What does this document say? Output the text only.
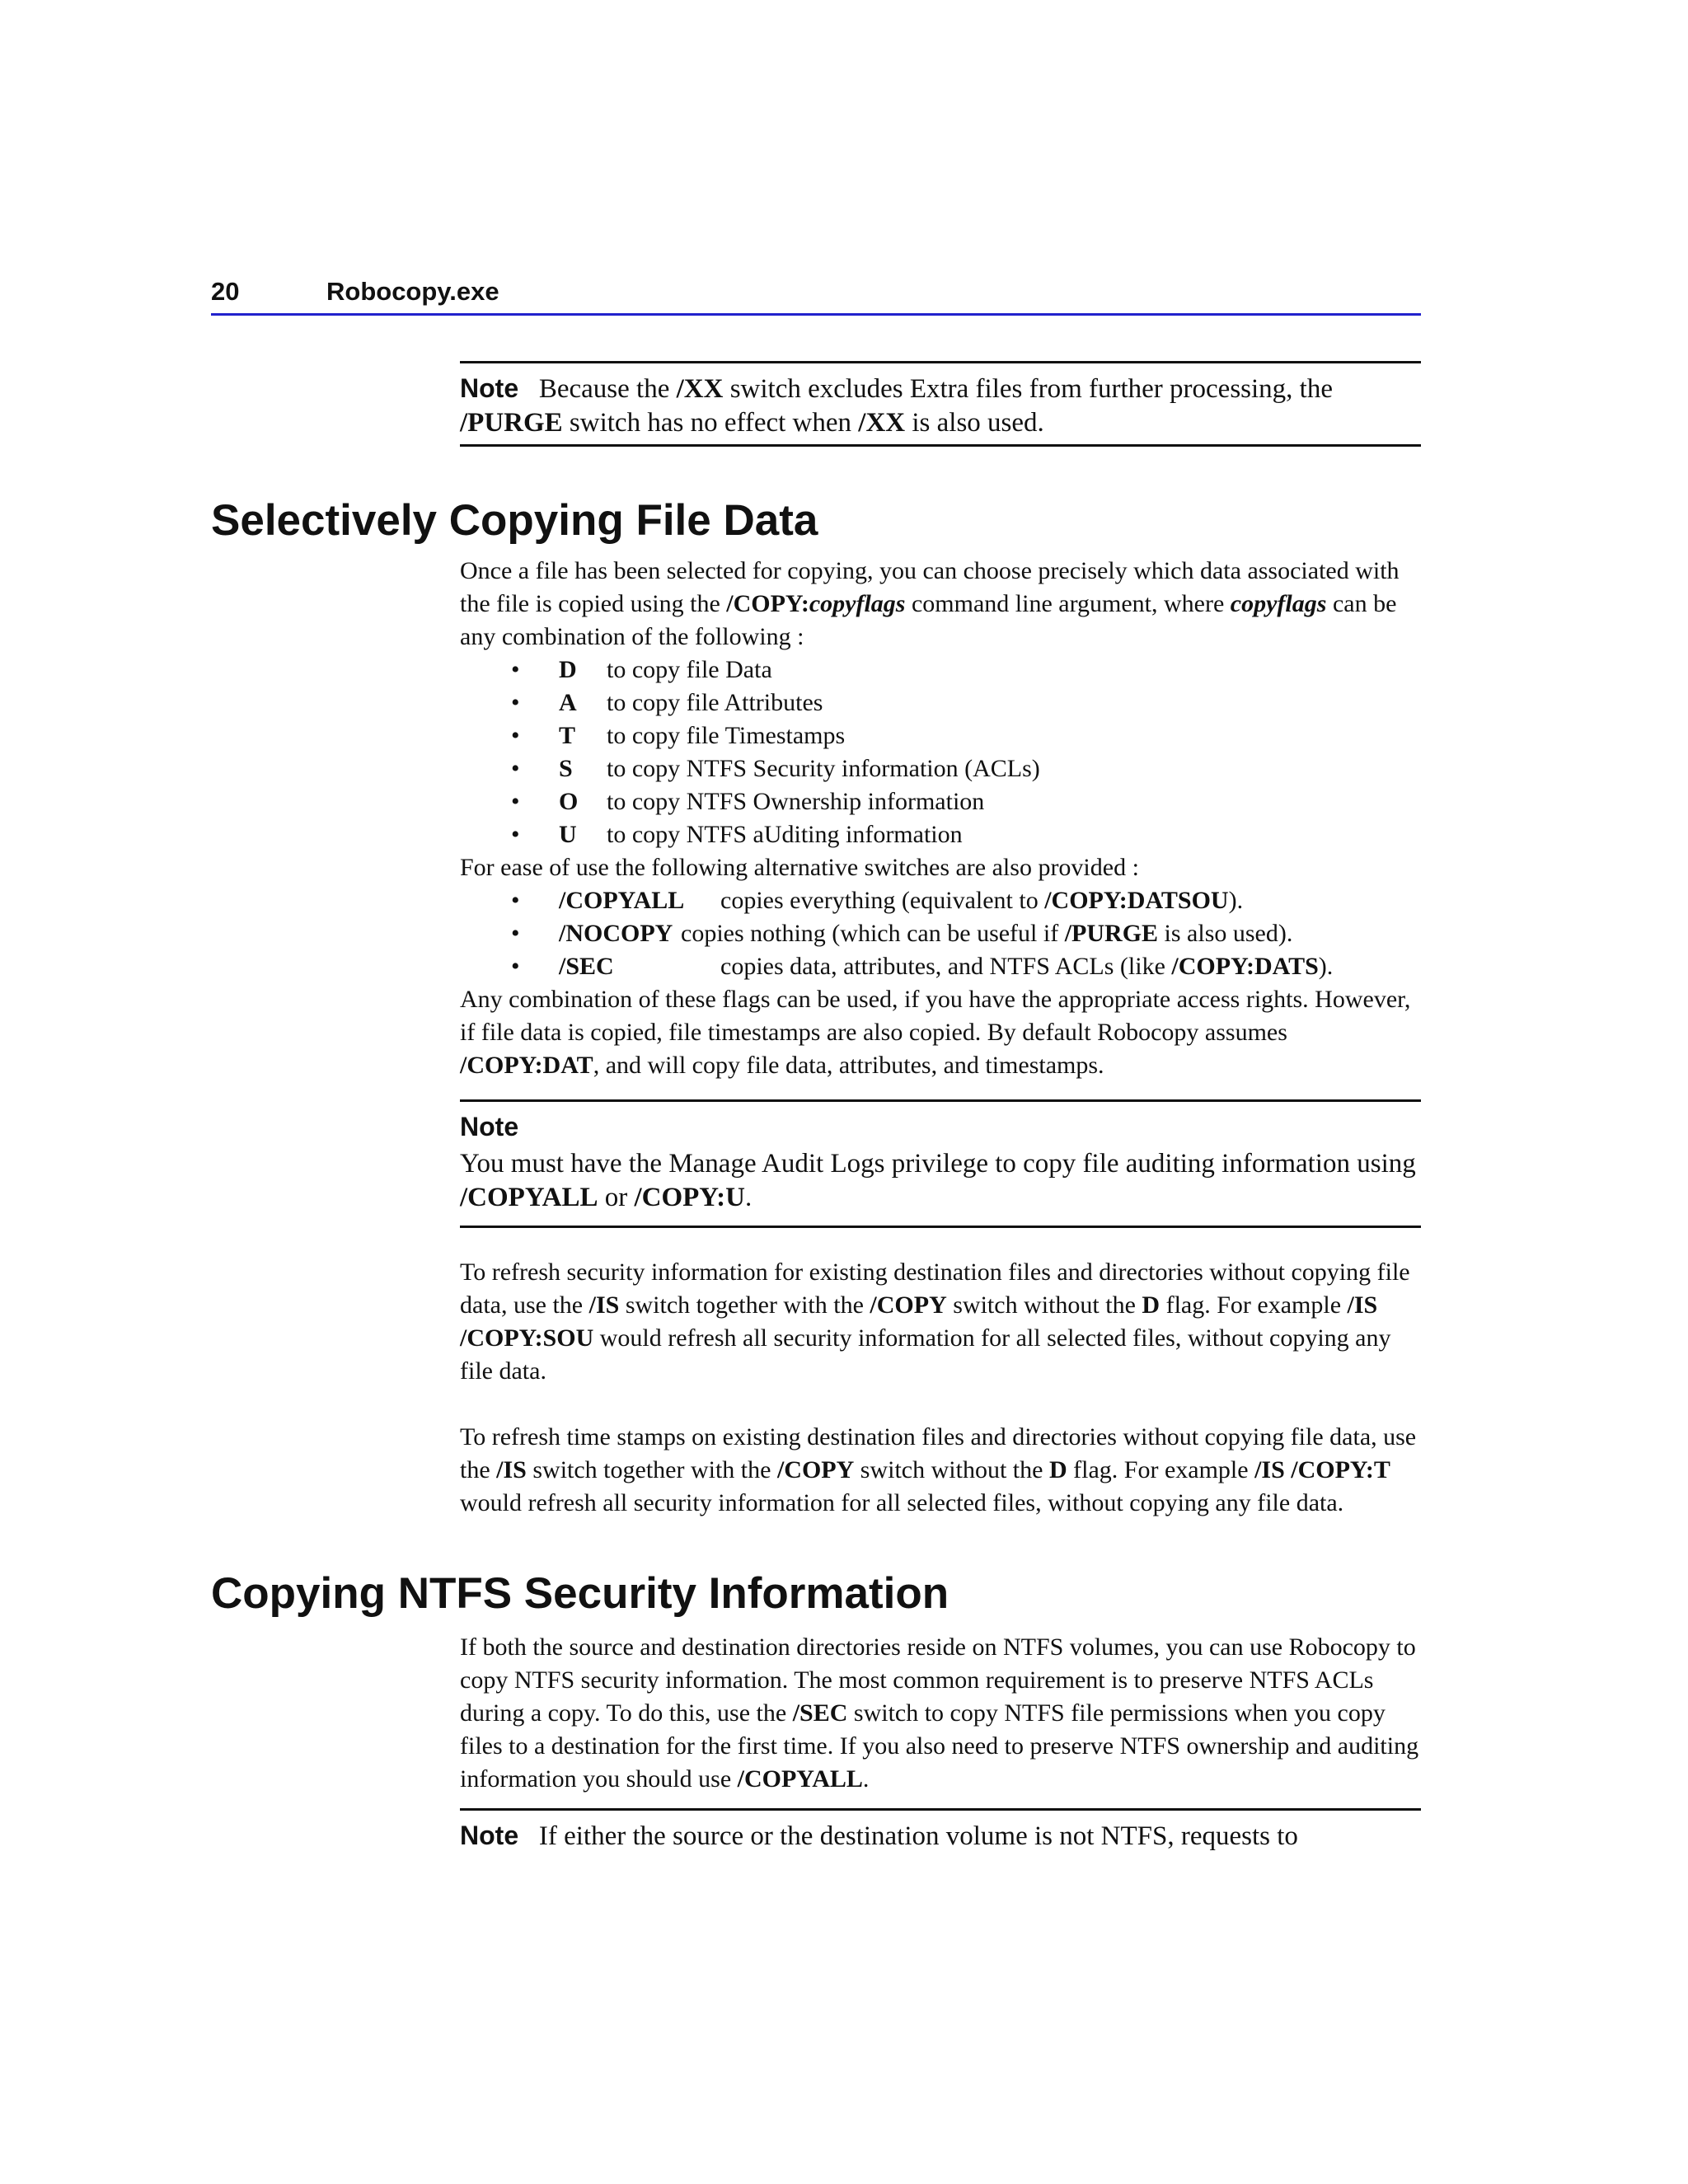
20	Robocopy.exe
Note Because the /XX switch excludes Extra files from further processing, the /PURGE switch has no effect when /XX is also used.
Selectively Copying File Data

Once a file has been selected for copying, you can choose precisely which data associated with the file is copied using the /COPY:copyflags command line argument, where copyflags can be any combination of the following :

• D to copy file Data
• A to copy file Attributes
• T to copy file Timestamps
• S to copy NTFS Security information (ACLs)
• O to copy NTFS Ownership information
• U to copy NTFS aUditing information

For ease of use the following alternative switches are also provided :

• /COPYALL copies everything (equivalent to /COPY:DATSOU).
• /NOCOPY copies nothing (which can be useful if /PURGE is also used).
• /SEC	copies data, attributes, and NTFS ACLs (like /COPY:DATS).

Any combination of these flags can be used, if you have the appropriate access rights. However, if file data is copied, file timestamps are also copied. By default Robocopy assumes /COPY:DAT, and will copy file data, attributes, and timestamps.

Note
You must have the Manage Audit Logs privilege to copy file auditing information using /COPYALL or /COPY:U.
To refresh security information for existing destination files and directories without copying file data, use the /IS switch together with the /COPY switch without the D flag. For example /IS /COPY:SOU would refresh all security information for all selected files, without copying any file data.
To refresh time stamps on existing destination files and directories without copying file data, use the /IS switch together with the /COPY switch without the D flag. For example /IS /COPY:T would refresh all security information for all selected files, without copying any file data.
Copying NTFS Security Information
If both the source and destination directories reside on NTFS volumes, you can use Robocopy to copy NTFS security information. The most common requirement is to preserve NTFS ACLs during a copy. To do this, use the /SEC switch to copy NTFS file permissions when you copy files to a destination for the first time. If you also need to preserve NTFS ownership and auditing information you should use /COPYALL.
Note If either the source or the destination volume is not NTFS, requests to
